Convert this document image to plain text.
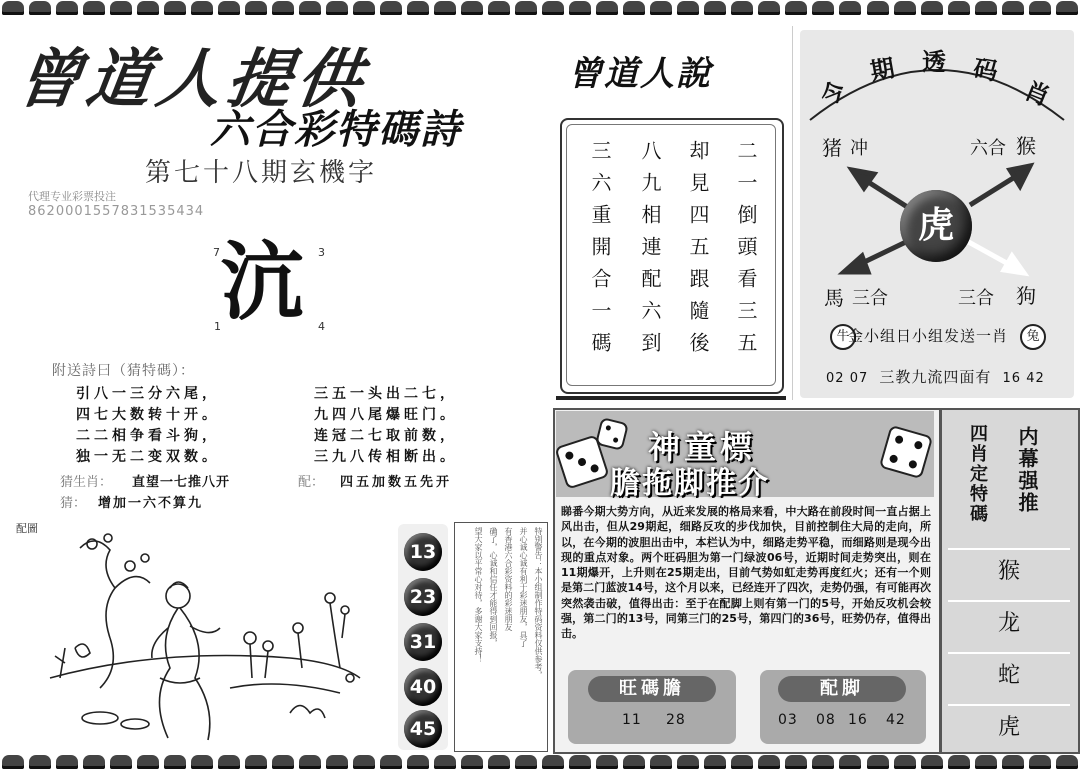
曾道人提供
六合彩特碼詩
第七十八期玄機字
代理专业彩票投注
8620001557831535434
沆
7	3
1	4
附送詩曰（猜特碼）：
引八一三分六尾，
四七大数转十开。
二二相争看斗狗，
独一无二变双数。
三五一头出二七，
九四八尾爆旺门。
连冠二七取前数，
三九八传相断出。
猜生肖： 直望一七推八开	配： 四五加数五先开
猜： 增加一六不算九
配圖
13
23
31
40
45
特别警告：本小组制作特码资料仅供参考，
并心诚心诚有利于彩迷朋友，具了
有香港六合彩资料的彩迷朋友
确了，心诚和信任才能得到回报，
望大家以平常心对待，多谢大家支持！
曾道人說
二一倒頭看三五
却見四五跟隨後
八九相連配六到
三六重開合一碼
今
期 透 码
肖
虎
猪 冲	六合 猴
馬 三合	三合 狗
牛
金小组日小组发送一肖	兔
02 07 三教九流四面有 16 42
神童標
膽拖脚推介
睇番今期大势方向，从近来发展的格局来看，中大路在前段时间一直占据上风出击，但从29期起，细路反攻的步伐加快，目前控制住大局的走向，所以，在今期的波胆出击中，本栏认为中，细路走势平稳，而细路则是现今出现的重点对象。两个旺码胆为第一门绿波06号，近期时间走势突出，则在11期爆开，上升则在25期走出，目前气势如虹走势再度红火；还有一个则是第二门蓝波14号，这个月以来，已经连开了四次，走势仍强，有可能再次突然袭击破，值得出击：至于在配脚上则有第一门的5号，开始反攻机会较强，第二门的13号，同第三门的25号，第四门的36号，旺势仍存，值得出击。
旺碼膽
11 28
配脚
03 08 16 42
内幕强推
四肖定特碼
猴
龙
蛇
虎
